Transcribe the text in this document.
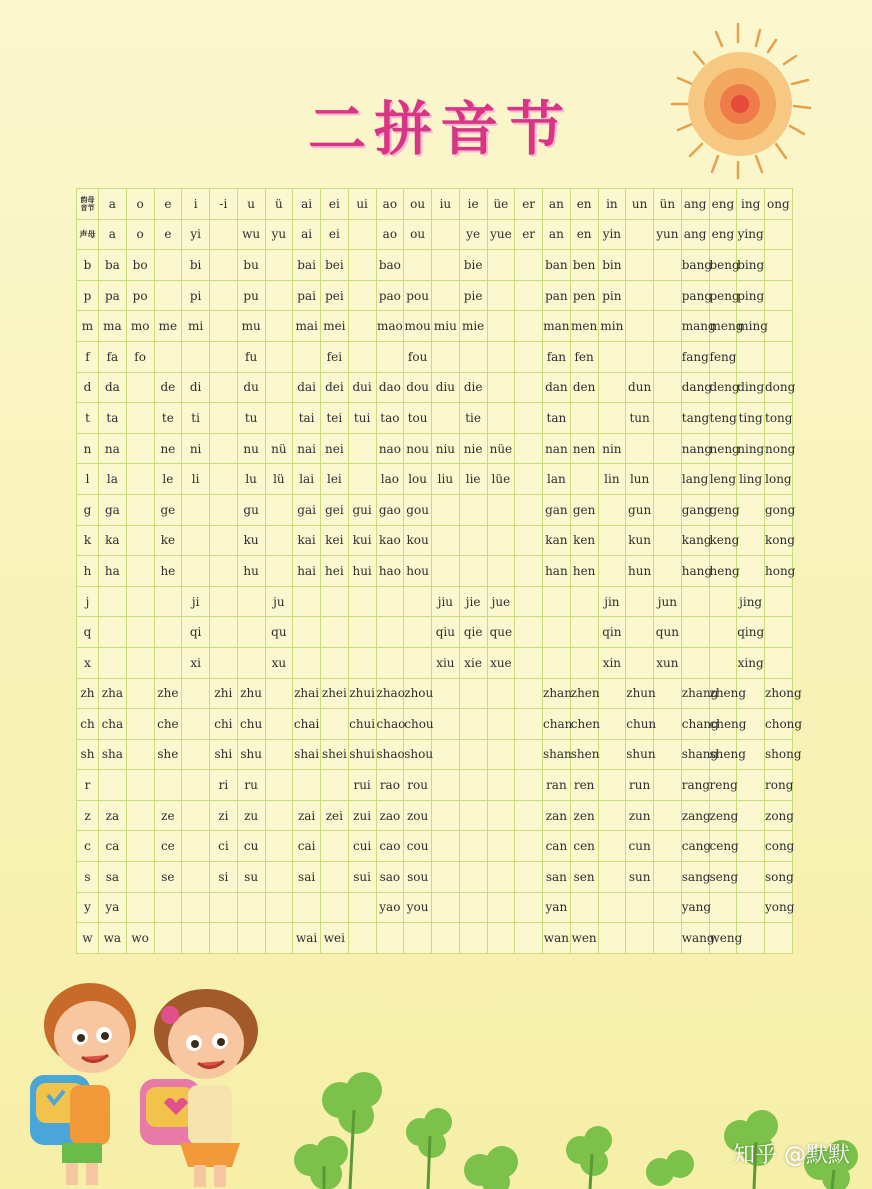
二拼音节
韵母
音节	a	o	e	i	-i	u	ü	ai	ei	ui	ao	ou	iu	ie	üe	er	an	en	in	un	ün	ang	eng	ing	ong
声母	a	o	e	yi		wu	yu	ai	ei		ao	ou		ye	yue	er	an	en	yin		yun	ang	eng	ying	
b	ba	bo		bi		bu		bai	bei		bao			bie			ban	ben	bin			bang	beng	bing	
p	pa	po		pi		pu		pai	pei		pao	pou		pie			pan	pen	pin			pang	peng	ping	
m	ma	mo	me	mi		mu		mai	mei		mao	mou	miu	mie			man	men	min			mang	meng	ming	
f	fa	fo				fu			fei			fou					fan	fen				fang	feng		
d	da		de	di		du		dai	dei	dui	dao	dou	diu	die			dan	den		dun		dang	deng	ding	dong
t	ta		te	ti		tu		tai	tei	tui	tao	tou		tie			tan			tun		tang	teng	ting	tong
n	na		ne	ni		nu	nü	nai	nei		nao	nou	niu	nie	nüe		nan	nen	nin			nang	neng	ning	nong
l	la		le	li		lu	lü	lai	lei		lao	lou	liu	lie	lüe		lan		lin	lun		lang	leng	ling	long
g	ga		ge			gu		gai	gei	gui	gao	gou					gan	gen		gun		gang	geng		gong
k	ka		ke			ku		kai	kei	kui	kao	kou					kan	ken		kun		kang	keng		kong
h	ha		he			hu		hai	hei	hui	hao	hou					han	hen		hun		hang	heng		hong
j				ji			ju						jiu	jie	jue				jin		jun			jing	
q				qi			qu						qiu	qie	que				qin		qun			qing	
x				xi			xu						xiu	xie	xue				xin		xun			xing	
zh	zha		zhe		zhi	zhu		zhai	zhei	zhui	zhao	zhou					zhan	zhen		zhun		zhang	zheng		zhong
ch	cha		che		chi	chu		chai		chui	chao	chou					chan	chen		chun		chang	cheng		chong
sh	sha		she		shi	shu		shai	shei	shui	shao	shou					shan	shen		shun		shang	sheng		shong
r					ri	ru				rui	rao	rou					ran	ren		run		rang	reng		rong
z	za		ze		zi	zu		zai	zei	zui	zao	zou					zan	zen		zun		zang	zeng		zong
c	ca		ce		ci	cu		cai		cui	cao	cou					can	cen		cun		cang	ceng		cong
s	sa		se		si	su		sai		sui	sao	sou					san	sen		sun		sang	seng		song
y	ya										yao	you					yan					yang			yong
w	wa	wo						wai	wei								wan	wen				wang	weng		
知乎 @默默
